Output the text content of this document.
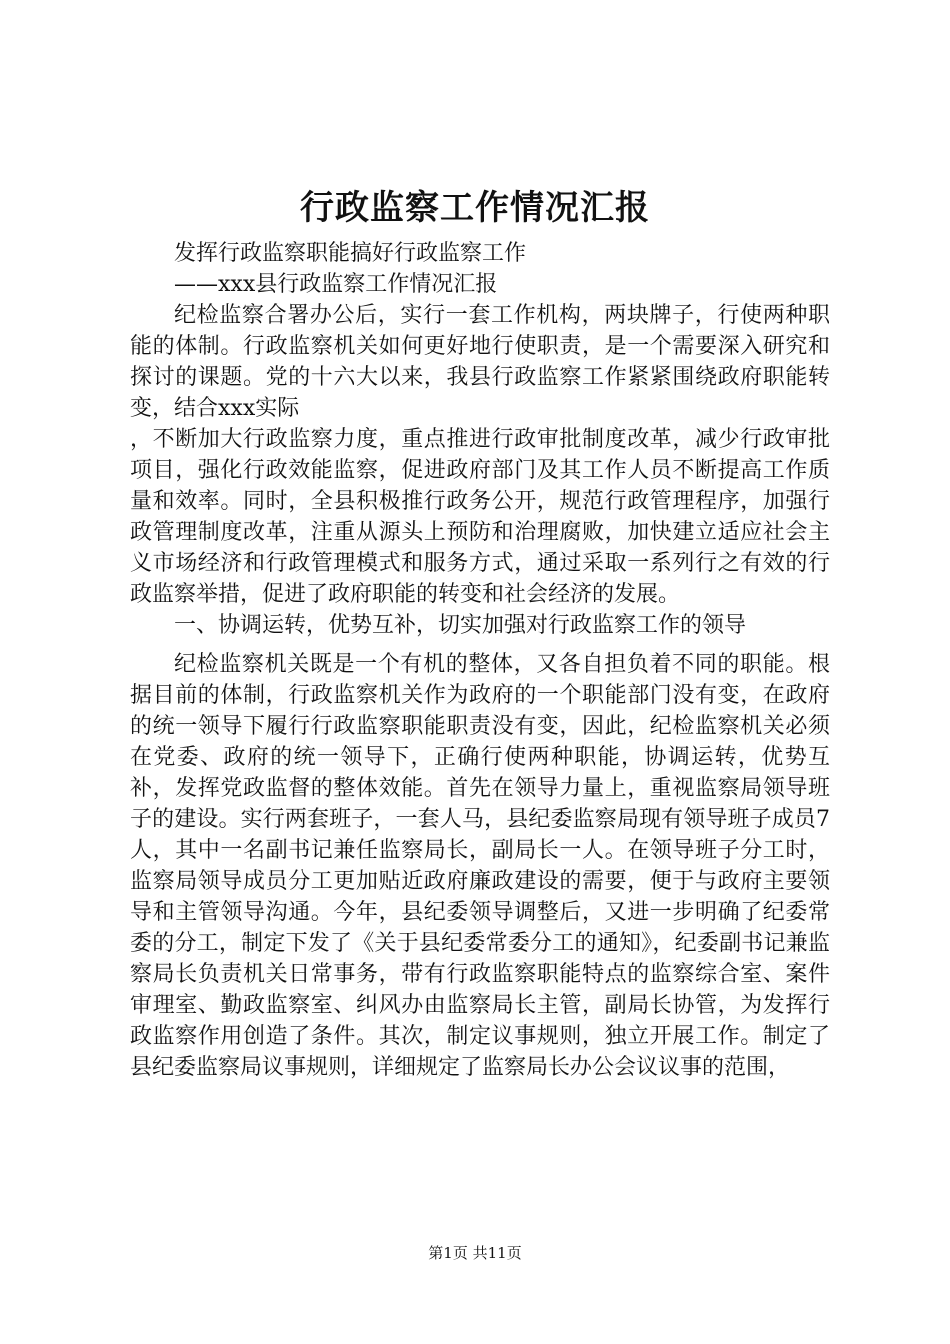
行政监察工作情况汇报

发挥行政监察职能搞好行政监察工作

——xxx县行政监察工作情况汇报

纪检监察合署办公后，实行一套工作机构，两块牌子，行使两种职能的体制。行政监察机关如何更好地行使职责，是一个需要深入研究和探讨的课题。党的十六大以来，我县行政监察工作紧紧围绕政府职能转变，结合xxx实际

，不断加大行政监察力度，重点推进行政审批制度改革，减少行政审批项目，强化行政效能监察，促进政府部门及其工作人员不断提高工作质量和效率。同时，全县积极推行政务公开，规范行政管理程序，加强行政管理制度改革，注重从源头上预防和治理腐败，加快建立适应社会主义市场经济和行政管理模式和服务方式，通过采取一系列行之有效的行政监察举措，促进了政府职能的转变和社会经济的发展。

一、协调运转，优势互补，切实加强对行政监察工作的领导

纪检监察机关既是一个有机的整体，又各自担负着不同的职能。根据目前的体制，行政监察机关作为政府的一个职能部门没有变，在政府的统一领导下履行行政监察职能职责没有变，因此，纪检监察机关必须在党委、政府的统一领导下，正确行使两种职能，协调运转，优势互补，发挥党政监督的整体效能。首先在领导力量上，重视监察局领导班子的建设。实行两套班子，一套人马，县纪委监察局现有领导班子成员7人，其中一名副书记兼任监察局长，副局长一人。在领导班子分工时，监察局领导成员分工更加贴近政府廉政建设的需要，便于与政府主要领导和主管领导沟通。今年，县纪委领导调整后，又进一步明确了纪委常委的分工，制定下发了《关于县纪委常委分工的通知》，纪委副书记兼监察局长负责机关日常事务，带有行政监察职能特点的监察综合室、案件审理室、勤政监察室、纠风办由监察局长主管，副局长协管，为发挥行政监察作用创造了条件。其次，制定议事规则，独立开展工作。制定了县纪委监察局议事规则，详细规定了监察局长办公会议议事的范围，

第1页 共11页
